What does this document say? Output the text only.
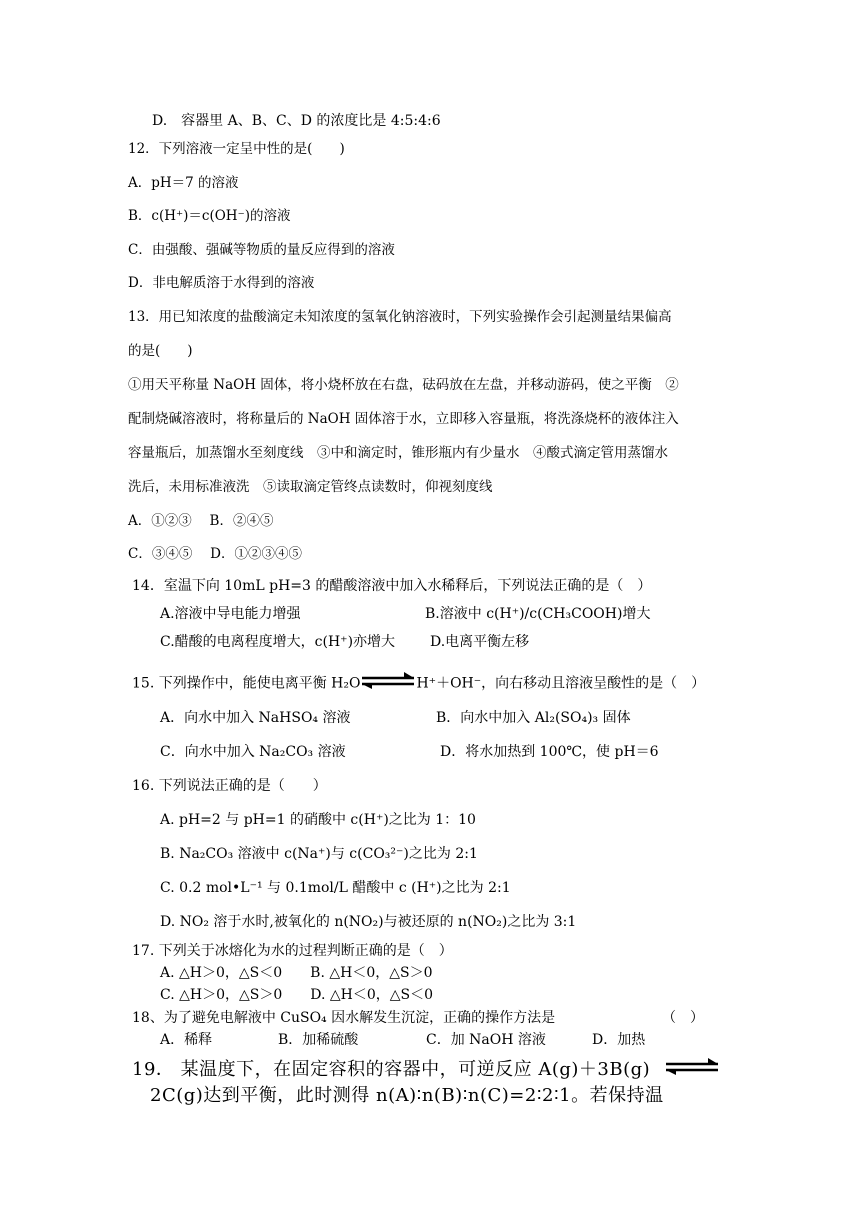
D.　容器里 A、B、C、D 的浓度比是 4:5:4:6
12．下列溶液一定呈中性的是(　　)
A．pH＝7 的溶液
B．c(H⁺)＝c(OH⁻)的溶液
C．由强酸、强碱等物质的量反应得到的溶液
D．非电解质溶于水得到的溶液
13．用已知浓度的盐酸滴定未知浓度的氢氧化钠溶液时，下列实验操作会引起测量结果偏高
的是(　　)
①用天平称量 NaOH 固体，将小烧杯放在右盘，砝码放在左盘，并移动游码，使之平衡　②
配制烧碱溶液时，将称量后的 NaOH 固体溶于水，立即移入容量瓶，将洗涤烧杯的液体注入
容量瓶后，加蒸馏水至刻度线　③中和滴定时，锥形瓶内有少量水　④酸式滴定管用蒸馏水
洗后，未用标准液洗　⑤读取滴定管终点读数时，仰视刻度线
A．①②③　 B．②④⑤
C．③④⑤　 D．①②③④⑤
14．室温下向 10mL pH=3 的醋酸溶液中加入水稀释后，下列说法正确的是（　）
A.溶液中导电能力增强	B.溶液中 c(H⁺)/c(CH₃COOH)增大
C.醋酸的电离程度增大，c(H⁺)亦增大 D.电离平衡左移
15. 下列操作中，能使电离平衡 H₂O⇌H⁺＋OH⁻，向右移动且溶液呈酸性的是（　）
A．向水中加入 NaHSO₄ 溶液	B．向水中加入 Al₂(SO₄)₃ 固体
C．向水中加入 Na₂CO₃ 溶液	D．将水加热到 100℃，使 pH＝6
16. 下列说法正确的是（　　）
A. pH=2 与 pH=1 的硝酸中 c(H⁺)之比为 1：10
B. Na₂CO₃ 溶液中 c(Na⁺)与 c(CO₃²⁻)之比为 2:1
C. 0.2 mol•L⁻¹ 与 0.1mol/L 醋酸中 c (H⁺)之比为 2:1
D. NO₂ 溶于水时,被氧化的 n(NO₂)与被还原的 n(NO₂)之比为 3:1
17. 下列关于冰熔化为水的过程判断正确的是（　）
A. △H＞0，△S＜0　　B. △H＜0，△S＞0
C. △H＞0，△S＞0　　D. △H＜0，△S＜0
18、为了避免电解液中 CuSO₄ 因水解发生沉淀，正确的操作方法是	（　）
A．稀释	B．加稀硫酸	C．加 NaOH 溶液	D．加热
19． 某温度下，在固定容积的容器中，可逆反应 A(g)＋3B(g) ⇌
2C(g)达到平衡，此时测得 n(A)∶n(B)∶n(C)=2∶2∶1。若保持温
